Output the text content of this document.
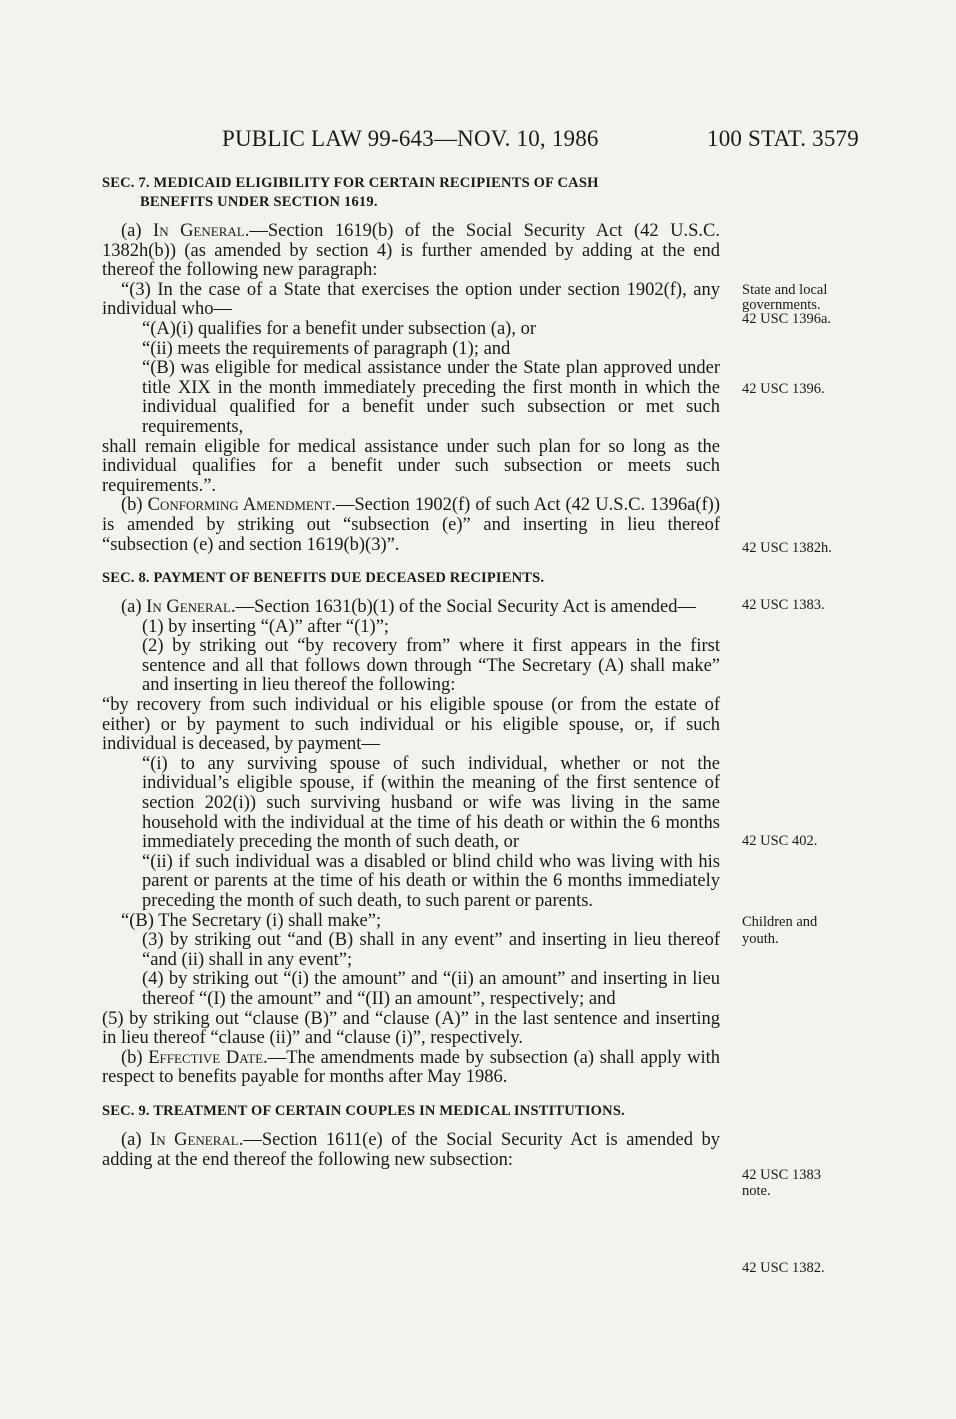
PUBLIC LAW 99-643—NOV. 10, 1986	100 STAT. 3579
SEC. 7. MEDICAID ELIGIBILITY FOR CERTAIN RECIPIENTS OF CASH
BENEFITS UNDER SECTION 1619.

(a) In General.—Section 1619(b) of the Social Security Act (42 U.S.C. 1382h(b)) (as amended by section 4) is further amended by adding at the end thereof the following new paragraph:

“(3) In the case of a State that exercises the option under section 1902(f), any individual who—

“(A)(i) qualifies for a benefit under subsection (a), or

“(ii) meets the requirements of paragraph (1); and

“(B) was eligible for medical assistance under the State plan approved under title XIX in the month immediately preceding the first month in which the individual qualified for a benefit under such subsection or met such requirements,

shall remain eligible for medical assistance under such plan for so long as the individual qualifies for a benefit under such subsection or meets such requirements.”.

(b) Conforming Amendment.—Section 1902(f) of such Act (42 U.S.C. 1396a(f)) is amended by striking out “subsection (e)” and inserting in lieu thereof “subsection (e) and section 1619(b)(3)”.

SEC. 8. PAYMENT OF BENEFITS DUE DECEASED RECIPIENTS.

(a) In General.—Section 1631(b)(1) of the Social Security Act is amended—

(1) by inserting “(A)” after “(1)”;

(2) by striking out “by recovery from” where it first appears in the first sentence and all that follows down through “The Secretary (A) shall make” and inserting in lieu thereof the following:

“by recovery from such individual or his eligible spouse (or from the estate of either) or by payment to such individual or his eligible spouse, or, if such individual is deceased, by payment—

“(i) to any surviving spouse of such individual, whether or not the individual’s eligible spouse, if (within the meaning of the first sentence of section 202(i)) such surviving husband or wife was living in the same household with the individual at the time of his death or within the 6 months immediately preceding the month of such death, or

“(ii) if such individual was a disabled or blind child who was living with his parent or parents at the time of his death or within the 6 months immediately preceding the month of such death, to such parent or parents.

“(B) The Secretary (i) shall make”;

(3) by striking out “and (B) shall in any event” and inserting in lieu thereof “and (ii) shall in any event”;

(4) by striking out “(i) the amount” and “(ii) an amount” and inserting in lieu thereof “(I) the amount” and “(II) an amount”, respectively; and

(5) by striking out “clause (B)” and “clause (A)” in the last sentence and inserting in lieu thereof “clause (ii)” and “clause (i)”, respectively.

(b) Effective Date.—The amendments made by subsection (a) shall apply with respect to benefits payable for months after May 1986.

SEC. 9. TREATMENT OF CERTAIN COUPLES IN MEDICAL INSTITUTIONS.

(a) In General.—Section 1611(e) of the Social Security Act is amended by adding at the end thereof the following new subsection:

State and local
governments.
42 USC 1396a.
42 USC 1396.
42 USC 1382h.
42 USC 1383.
42 USC 402.
Children and
youth.
42 USC 1383
note.
42 USC 1382.
